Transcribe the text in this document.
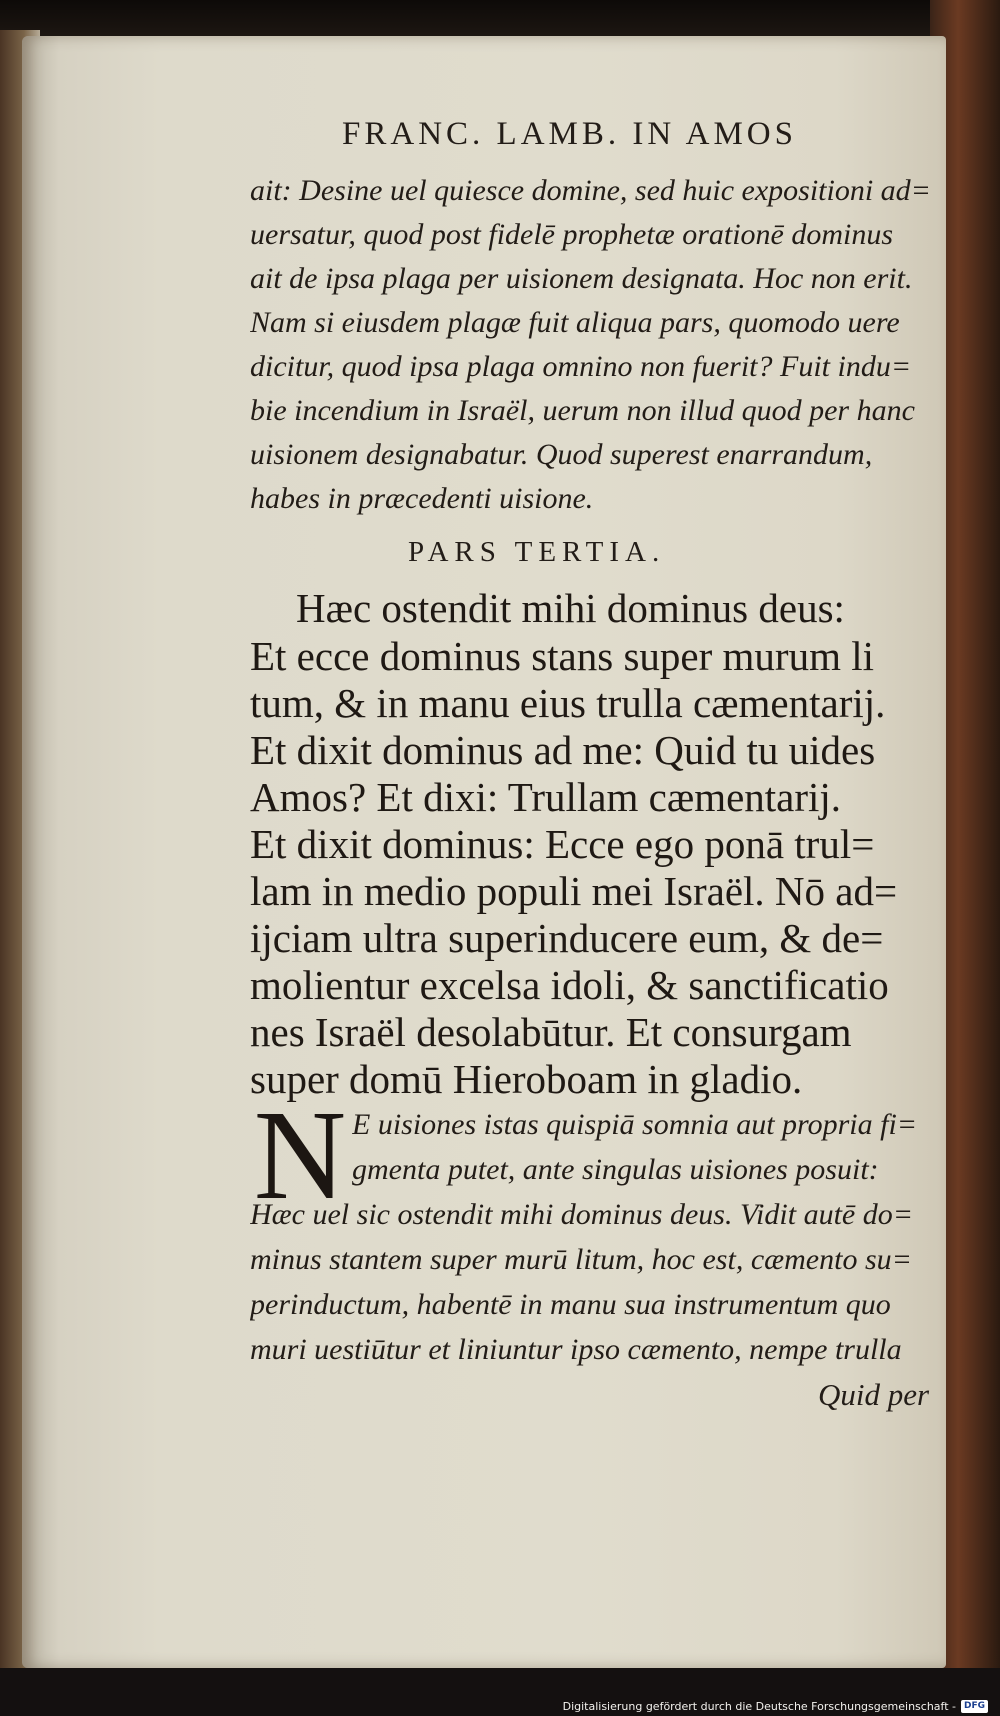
FRANC. LAMB. IN AMOS
ait: Desine uel quiesce domine, sed huic expositioni ad=
uersatur, quod post fidelē prophetæ orationē dominus
ait de ipsa plaga per uisionem designata. Hoc non erit.
Nam si eiusdem plagæ fuit aliqua pars, quomodo uere
dicitur, quod ipsa plaga omnino non fuerit? Fuit indu=
bie incendium in Israël, uerum non illud quod per hanc
uisionem designabatur. Quod superest enarrandum,
habes in præcedenti uisione.
PARS TERTIA.
Hæc ostendit mihi dominus deus:
Et ecce dominus stans super murum li
tum, & in manu eius trulla cæmentarij.
Et dixit dominus ad me: Quid tu uides
Amos? Et dixi: Trullam cæmentarij.
Et dixit dominus: Ecce ego ponā trul=
lam in medio populi mei Israël. Nō ad=
ijciam ultra superinducere eum, & de=
molientur excelsa idoli, & sanctificatio
nes Israël desolabūtur. Et consurgam
super domū Hieroboam in gladio.
N E uisiones istas quispiā somnia aut propria fi=
gmenta putet, ante singulas uisiones posuit:
Hæc uel sic ostendit mihi dominus deus. Vidit autē do=
minus stantem super murū litum, hoc est, cæmento su=
perinductum, habentē in manu sua instrumentum quo
muri uestiūtur et liniuntur ipso cæmento, nempe trulla
Quid per
Digitalisierung gefördert durch die Deutsche Forschungsgemeinschaft - DFG
